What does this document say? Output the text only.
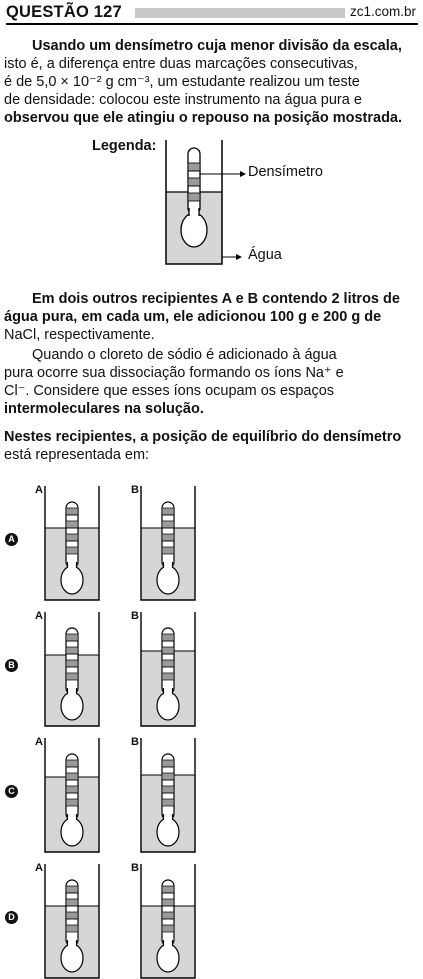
QUESTÃO 127	zc1.com.br

Usando um densímetro cuja menor divisão da escala,

isto é, a diferença entre duas marcações consecutivas,

é de 5,0 × 10⁻² g cm⁻³, um estudante realizou um teste

de densidade: colocou este instrumento na água pura e

observou que ele atingiu o repouso na posição mostrada.

Legenda:
Densímetro
Água

Em dois outros recipientes A e B contendo 2 litros de

água pura, em cada um, ele adicionou 100 g e 200 g de

NaCl, respectivamente.

Quando o cloreto de sódio é adicionado à água

pura ocorre sua dissociação formando os íons Na⁺ e

Cl⁻. Considere que esses íons ocupam os espaços

intermoleculares na solução.

Nestes recipientes, a posição de equilíbrio do densímetro

está representada em:

A
A	B
B
A	B
C
A	B
D
A	B
